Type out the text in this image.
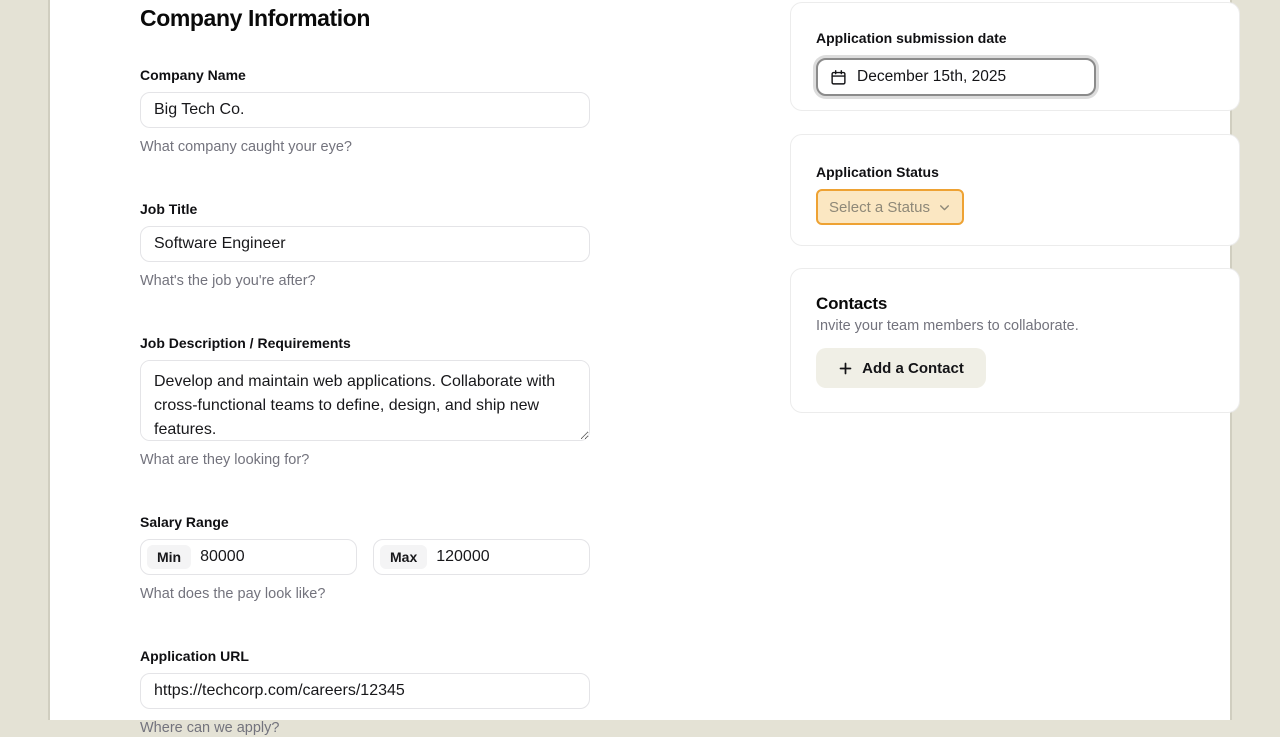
Company Information
Company Name
Big Tech Co.
What company caught your eye?
Job Title
Software Engineer
What's the job you're after?
Job Description / Requirements
Develop and maintain web applications. Collaborate with cross-functional teams to define, design, and ship new features.
What are they looking for?
Salary Range
Min
80000	Max
120000
What does the pay look like?
Application URL
https://techcorp.com/careers/12345
Where can we apply?
Application submission date
December 15th, 2025
Application Status
Select a Status
Contacts
Invite your team members to collaborate.
Add a Contact
